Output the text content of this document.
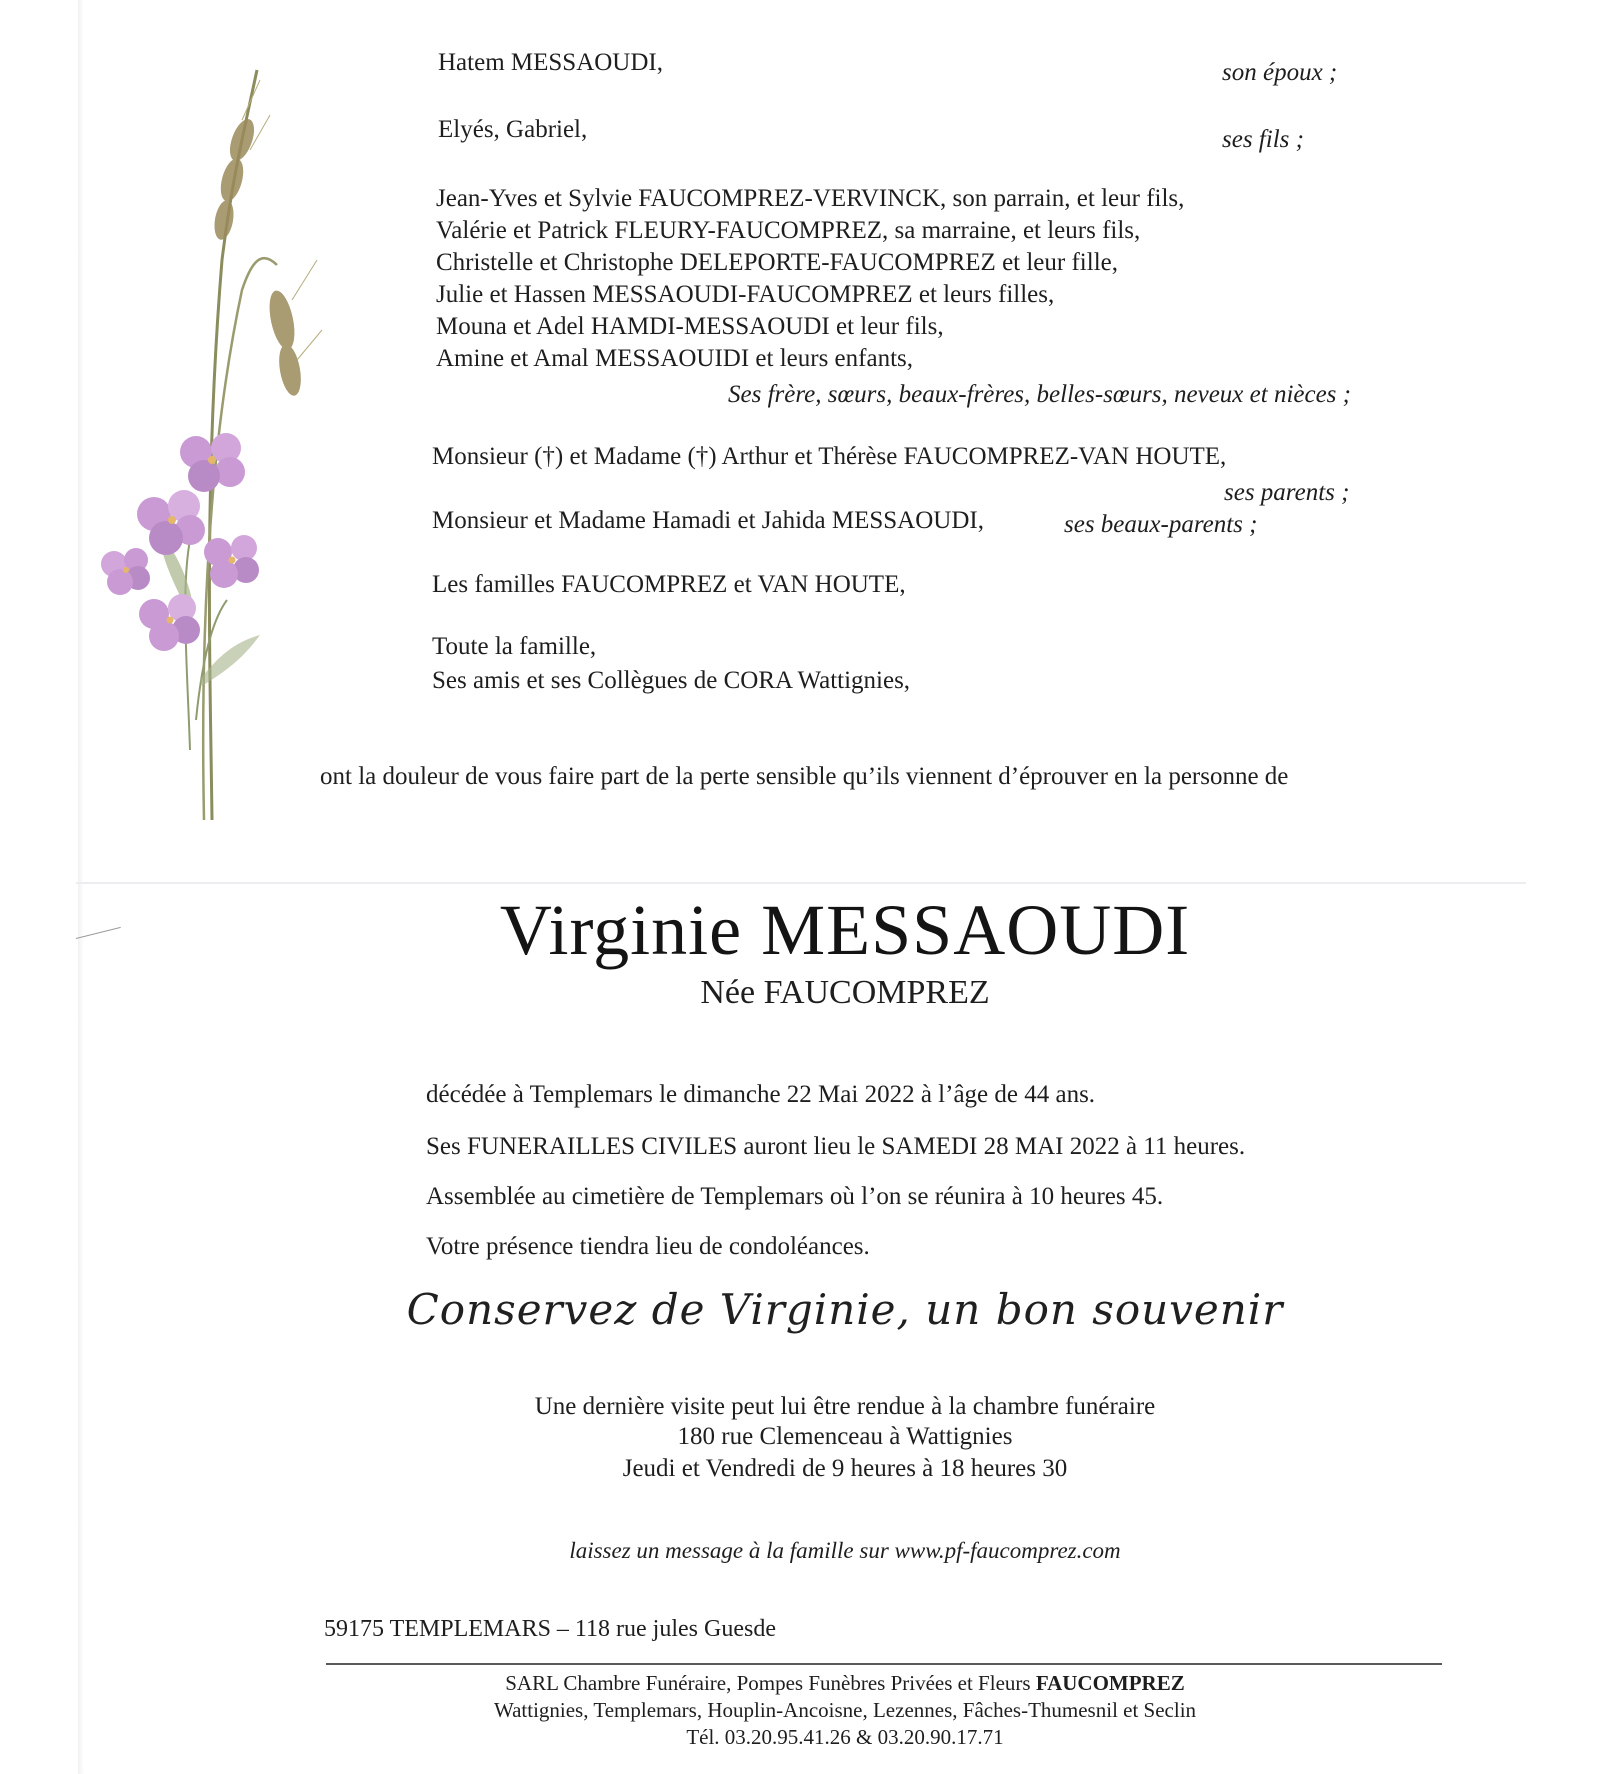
Hatem MESSAOUDI,	son époux ;
Elyés, Gabriel,	ses fils ;
Jean-Yves et Sylvie FAUCOMPREZ-VERVINCK, son parrain, et leur fils,
Valérie et Patrick FLEURY-FAUCOMPREZ, sa marraine, et leurs fils,
Christelle et Christophe DELEPORTE-FAUCOMPREZ et leur fille,
Julie et Hassen MESSAOUDI-FAUCOMPREZ et leurs filles,
Mouna et Adel HAMDI-MESSAOUDI et leur fils,
Amine et Amal MESSAOUIDI et leurs enfants,
Ses frère, sœurs, beaux-frères, belles-sœurs, neveux et nièces ;
Monsieur (†) et Madame (†) Arthur et Thérèse FAUCOMPREZ-VAN HOUTE,
ses parents ;
Monsieur et Madame Hamadi et Jahida MESSAOUDI,	ses beaux-parents ;
Les familles FAUCOMPREZ et VAN HOUTE,
Toute la famille,
Ses amis et ses Collègues de CORA Wattignies,
ont la douleur de vous faire part de la perte sensible qu’ils viennent d’éprouver en la personne de
Virginie MESSAOUDI
Née FAUCOMPREZ
décédée à Templemars le dimanche 22 Mai 2022 à l’âge de 44 ans.
Ses FUNERAILLES CIVILES auront lieu le SAMEDI 28 MAI 2022 à 11 heures.
Assemblée au cimetière de Templemars où l’on se réunira à 10 heures 45.
Votre présence tiendra lieu de condoléances.
Conservez de Virginie, un bon souvenir
Une dernière visite peut lui être rendue à la chambre funéraire
180 rue Clemenceau à Wattignies
Jeudi et Vendredi de 9 heures à 18 heures 30
laissez un message à la famille sur www.pf-faucomprez.com
59175 TEMPLEMARS – 118 rue jules Guesde
SARL Chambre Funéraire, Pompes Funèbres Privées et Fleurs FAUCOMPREZ
Wattignies, Templemars, Houplin-Ancoisne, Lezennes, Fâches-Thumesnil et Seclin
Tél. 03.20.95.41.26 & 03.20.90.17.71
